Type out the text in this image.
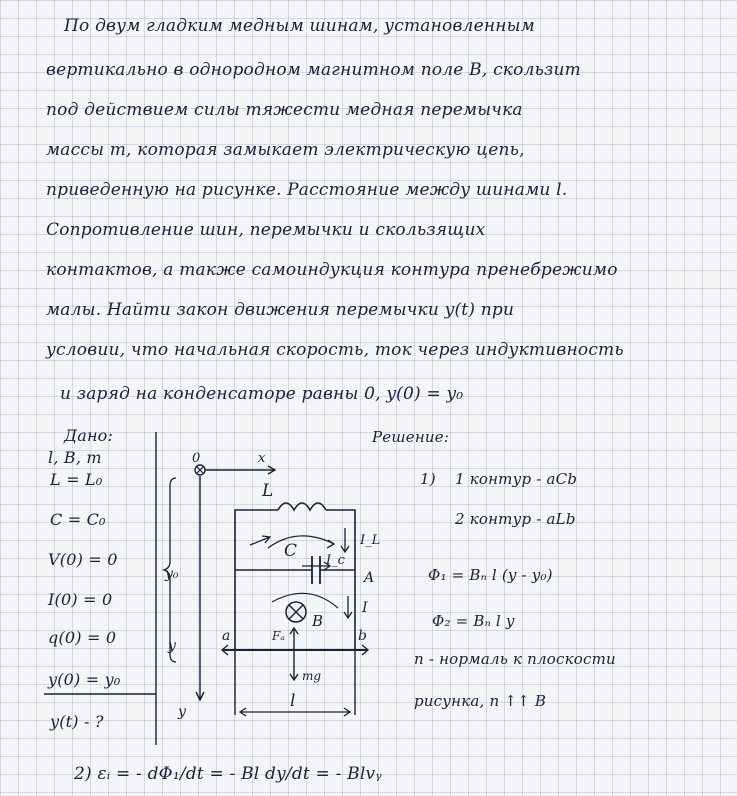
По двум гладким медным шинам, установленным
вертикально в однородном магнитном поле B, скользит
под действием силы тяжести медная перемычка
массы m, которая замыкает электрическую цепь,
приведенную на рисунке. Расстояние между шинами l.
Сопротивление шин, перемычки и скользящих
контактов, а также самоиндукция контура пренебрежимо
малы. Найти закон движения перемычки y(t) при
условии, что начальная скорость, ток через индуктивность
и заряд на конденсаторе равны 0, y(0) = y₀
Дано:
l, B, m
L = L₀
C = C₀
V(0) = 0
I(0) = 0
q(0) = 0
y(0) = y₀
y(t) - ?
Решение:
1) 1 контур - aCb
2 контур - aLb
Φ₁ = Bₙ l (y - y₀)
Φ₂ = Bₙ l y
n - нормаль к плоскости
рисунка, n ↑↑ B
2) εᵢ = - dΦ₁/dt = - Bl dy/dt = - Blvᵧ
0	x
L
C
I_L
I_c
A
I
B
Fₐ
mg
a	b
l
y₀
y
y
